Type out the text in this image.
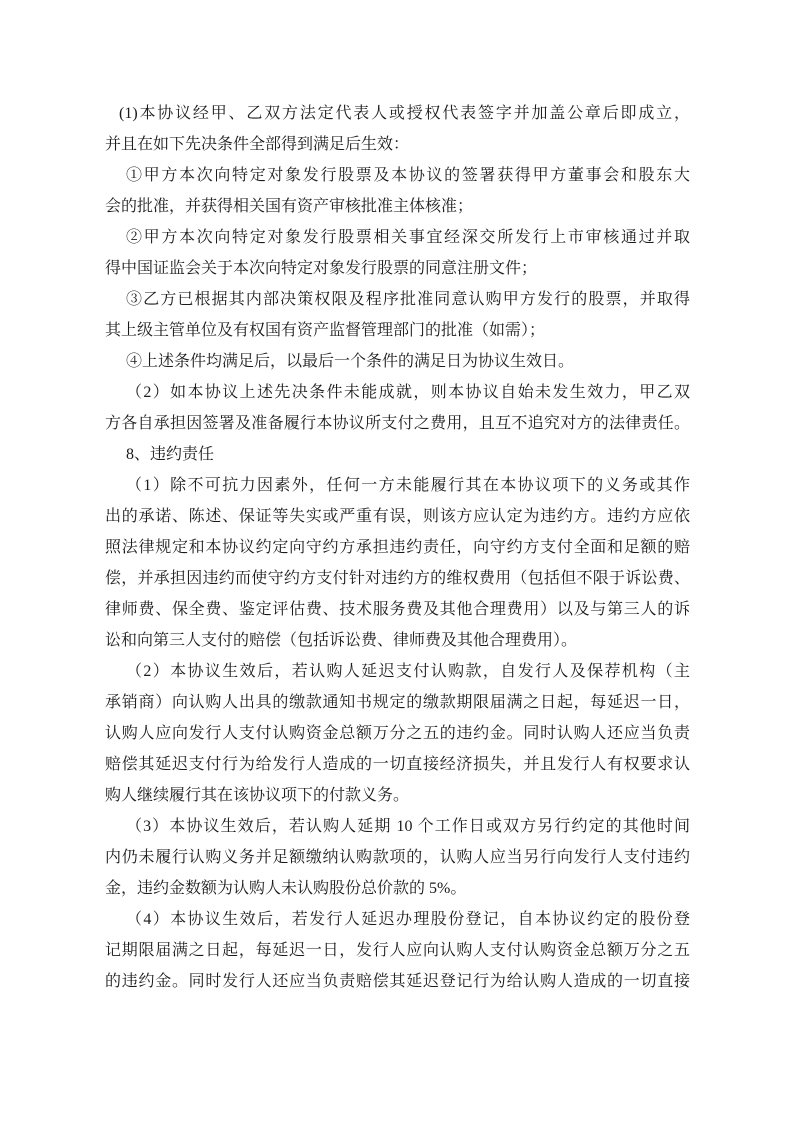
(1)本协议经甲、乙双方法定代表人或授权代表签字并加盖公章后即成立，
并且在如下先决条件全部得到满足后生效：
①甲方本次向特定对象发行股票及本协议的签署获得甲方董事会和股东大
会的批准，并获得相关国有资产审核批准主体核准；
②甲方本次向特定对象发行股票相关事宜经深交所发行上市审核通过并取
得中国证监会关于本次向特定对象发行股票的同意注册文件；
③乙方已根据其内部决策权限及程序批准同意认购甲方发行的股票，并取得
其上级主管单位及有权国有资产监督管理部门的批准（如需）；
④上述条件均满足后，以最后一个条件的满足日为协议生效日。
（2）如本协议上述先决条件未能成就，则本协议自始未发生效力，甲乙双
方各自承担因签署及准备履行本协议所支付之费用，且互不追究对方的法律责任。
8、违约责任
（1）除不可抗力因素外，任何一方未能履行其在本协议项下的义务或其作
出的承诺、陈述、保证等失实或严重有误，则该方应认定为违约方。违约方应依
照法律规定和本协议约定向守约方承担违约责任，向守约方支付全面和足额的赔
偿，并承担因违约而使守约方支付针对违约方的维权费用（包括但不限于诉讼费、
律师费、保全费、鉴定评估费、技术服务费及其他合理费用）以及与第三人的诉
讼和向第三人支付的赔偿（包括诉讼费、律师费及其他合理费用）。
（2）本协议生效后，若认购人延迟支付认购款，自发行人及保荐机构（主
承销商）向认购人出具的缴款通知书规定的缴款期限届满之日起，每延迟一日，
认购人应向发行人支付认购资金总额万分之五的违约金。同时认购人还应当负责
赔偿其延迟支付行为给发行人造成的一切直接经济损失，并且发行人有权要求认
购人继续履行其在该协议项下的付款义务。
（3）本协议生效后，若认购人延期 10 个工作日或双方另行约定的其他时间
内仍未履行认购义务并足额缴纳认购款项的，认购人应当另行向发行人支付违约
金，违约金数额为认购人未认购股份总价款的 5%。
（4）本协议生效后，若发行人延迟办理股份登记，自本协议约定的股份登
记期限届满之日起，每延迟一日，发行人应向认购人支付认购资金总额万分之五
的违约金。同时发行人还应当负责赔偿其延迟登记行为给认购人造成的一切直接
